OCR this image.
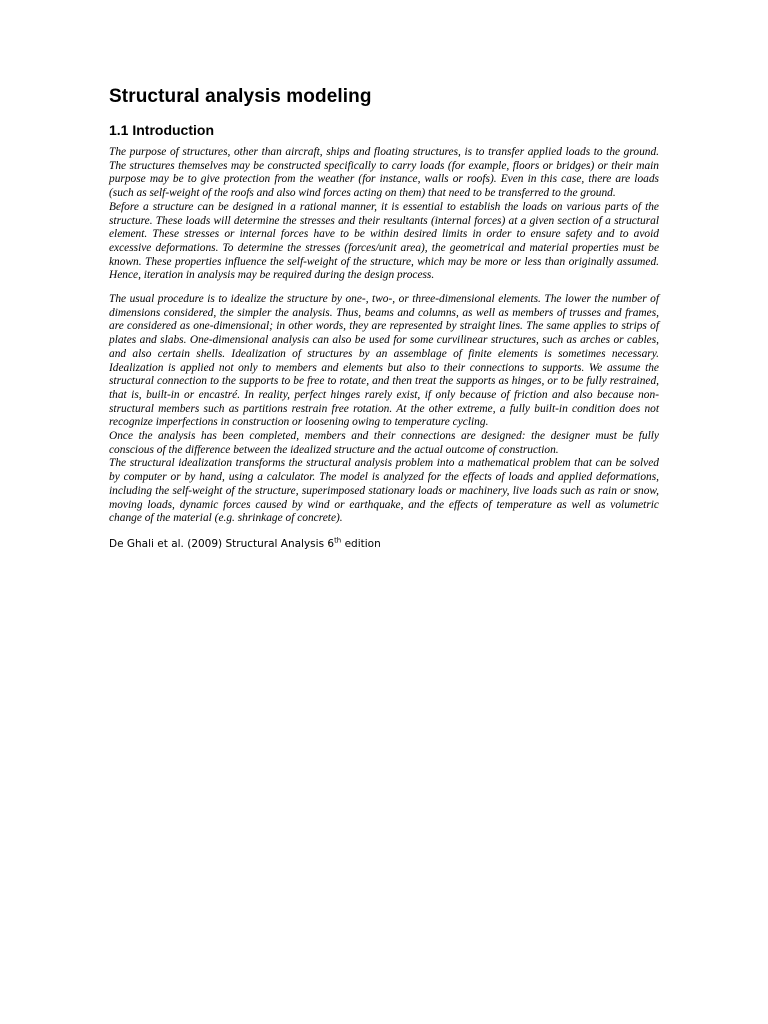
Structural analysis modeling
1.1 Introduction

The purpose of structures, other than aircraft, ships and floating structures, is to transfer applied loads to the ground. The structures themselves may be constructed specifically to carry loads (for example, floors or bridges) or their main purpose may be to give protection from the weather (for instance, walls or roofs). Even in this case, there are loads (such as self-weight of the roofs and also wind forces acting on them) that need to be transferred to the ground.

Before a structure can be designed in a rational manner, it is essential to establish the loads on various parts of the structure. These loads will determine the stresses and their resultants (internal forces) at a given section of a structural element. These stresses or internal forces have to be within desired limits in order to ensure safety and to avoid excessive deformations. To determine the stresses (forces/unit area), the geometrical and material properties must be known. These properties influence the self-weight of the structure, which may be more or less than originally assumed. Hence, iteration in analysis may be required during the design process.

The usual procedure is to idealize the structure by one-, two-, or three-dimensional elements. The lower the number of dimensions considered, the simpler the analysis. Thus, beams and columns, as well as members of trusses and frames, are considered as one-dimensional; in other words, they are represented by straight lines. The same applies to strips of plates and slabs. One-dimensional analysis can also be used for some curvilinear structures, such as arches or cables, and also certain shells. Idealization of structures by an assemblage of finite elements is sometimes necessary. Idealization is applied not only to members and elements but also to their connections to supports. We assume the structural connection to the supports to be free to rotate, and then treat the supports as hinges, or to be fully restrained, that is, built-in or encastré. In reality, perfect hinges rarely exist, if only because of friction and also because non-structural members such as partitions restrain free rotation. At the other extreme, a fully built-in condition does not recognize imperfections in construction or loosening owing to temperature cycling.

Once the analysis has been completed, members and their connections are designed: the designer must be fully conscious of the difference between the idealized structure and the actual outcome of construction.

The structural idealization transforms the structural analysis problem into a mathematical problem that can be solved by computer or by hand, using a calculator. The model is analyzed for the effects of loads and applied deformations, including the self-weight of the structure, superimposed stationary loads or machinery, live loads such as rain or snow, moving loads, dynamic forces caused by wind or earthquake, and the effects of temperature as well as volumetric change of the material (e.g. shrinkage of concrete).

De Ghali et al. (2009) Structural Analysis 6th edition
